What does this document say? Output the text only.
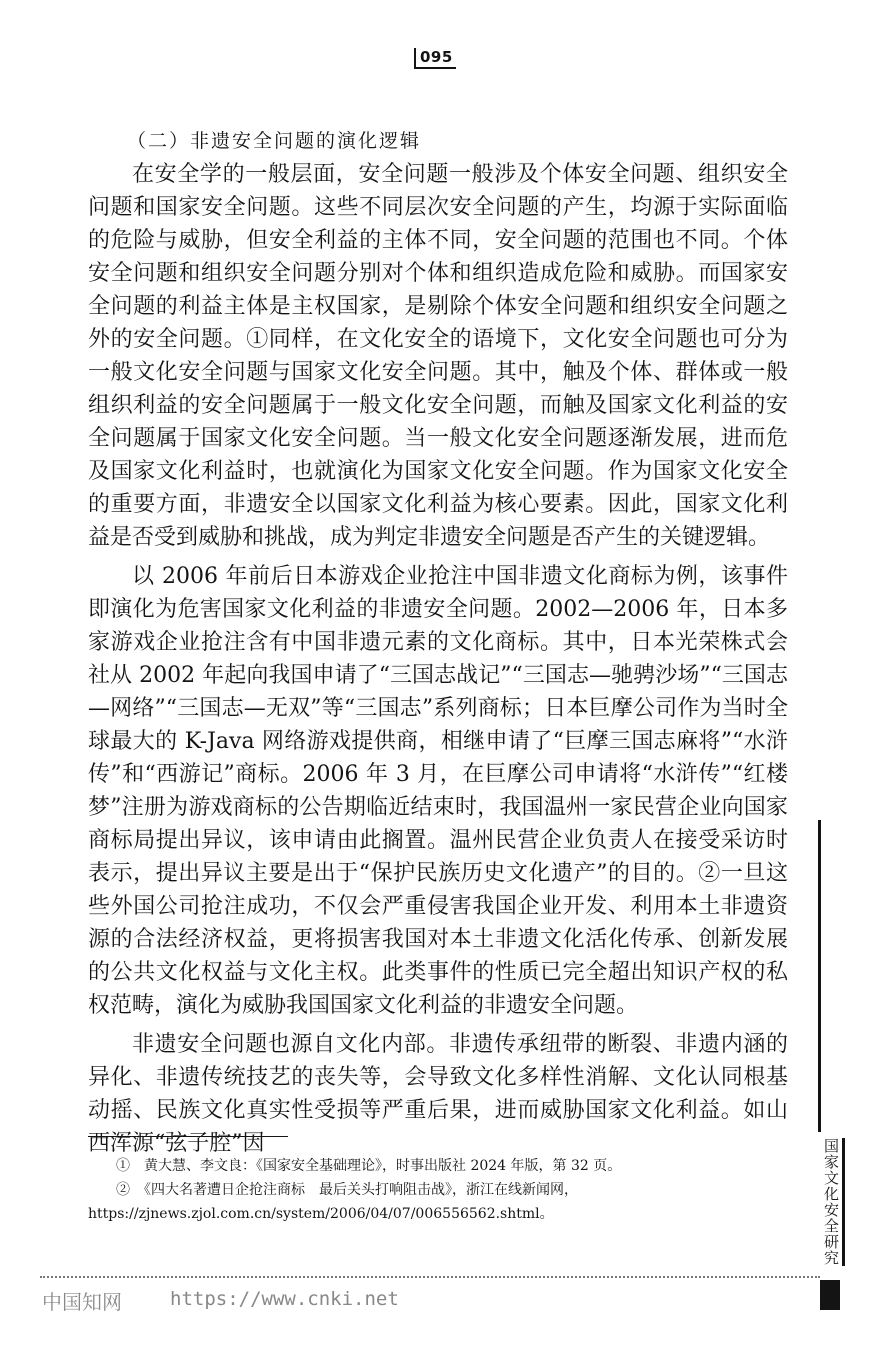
095
（二）非遗安全问题的演化逻辑
在安全学的一般层面，安全问题一般涉及个体安全问题、组织安全问题和国家安全问题。这些不同层次安全问题的产生，均源于实际面临的危险与威胁，但安全利益的主体不同，安全问题的范围也不同。个体安全问题和组织安全问题分别对个体和组织造成危险和威胁。而国家安全问题的利益主体是主权国家，是剔除个体安全问题和组织安全问题之外的安全问题。①同样，在文化安全的语境下，文化安全问题也可分为一般文化安全问题与国家文化安全问题。其中，触及个体、群体或一般组织利益的安全问题属于一般文化安全问题，而触及国家文化利益的安全问题属于国家文化安全问题。当一般文化安全问题逐渐发展，进而危及国家文化利益时，也就演化为国家文化安全问题。作为国家文化安全的重要方面，非遗安全以国家文化利益为核心要素。因此，国家文化利益是否受到威胁和挑战，成为判定非遗安全问题是否产生的关键逻辑。
以 2006 年前后日本游戏企业抢注中国非遗文化商标为例，该事件即演化为危害国家文化利益的非遗安全问题。2002—2006 年，日本多家游戏企业抢注含有中国非遗元素的文化商标。其中，日本光荣株式会社从 2002 年起向我国申请了“三国志战记”“三国志—驰骋沙场”“三国志—网络”“三国志—无双”等“三国志”系列商标；日本巨摩公司作为当时全球最大的 K-Java 网络游戏提供商，相继申请了“巨摩三国志麻将”“水浒传”和“西游记”商标。2006 年 3 月，在巨摩公司申请将“水浒传”“红楼梦”注册为游戏商标的公告期临近结束时，我国温州一家民营企业向国家商标局提出异议，该申请由此搁置。温州民营企业负责人在接受采访时表示，提出异议主要是出于“保护民族历史文化遗产”的目的。②一旦这些外国公司抢注成功，不仅会严重侵害我国企业开发、利用本土非遗资源的合法经济权益，更将损害我国对本土非遗文化活化传承、创新发展的公共文化权益与文化主权。此类事件的性质已完全超出知识产权的私权范畴，演化为威胁我国国家文化利益的非遗安全问题。
非遗安全问题也源自文化内部。非遗传承纽带的断裂、非遗内涵的异化、非遗传统技艺的丧失等，会导致文化多样性消解、文化认同根基动摇、民族文化真实性受损等严重后果，进而威胁国家文化利益。如山西浑源“弦子腔”因
①　黄大慧、李文良：《国家安全基础理论》，时事出版社 2024 年版，第 32 页。
②　《四大名著遭日企抢注商标　最后关头打响阻击战》，浙江在线新闻网，https://zjnews.zjol.com.cn/system/2006/04/07/006556562.shtml。	国家文化安全研究
中国知网	https://www.cnki.net
